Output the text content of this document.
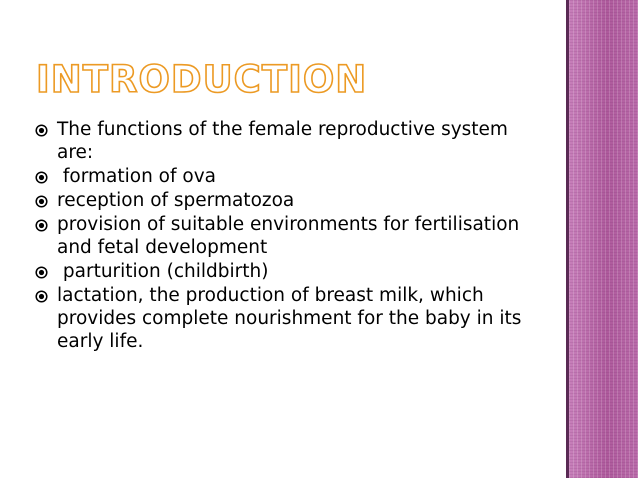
INTRODUCTION
The functions of the female reproductive system are:
formation of ova
reception of spermatozoa
provision of suitable environments for fertilisation and fetal development
parturition (childbirth)
lactation, the production of breast milk, which provides complete nourishment for the baby in its early life.
